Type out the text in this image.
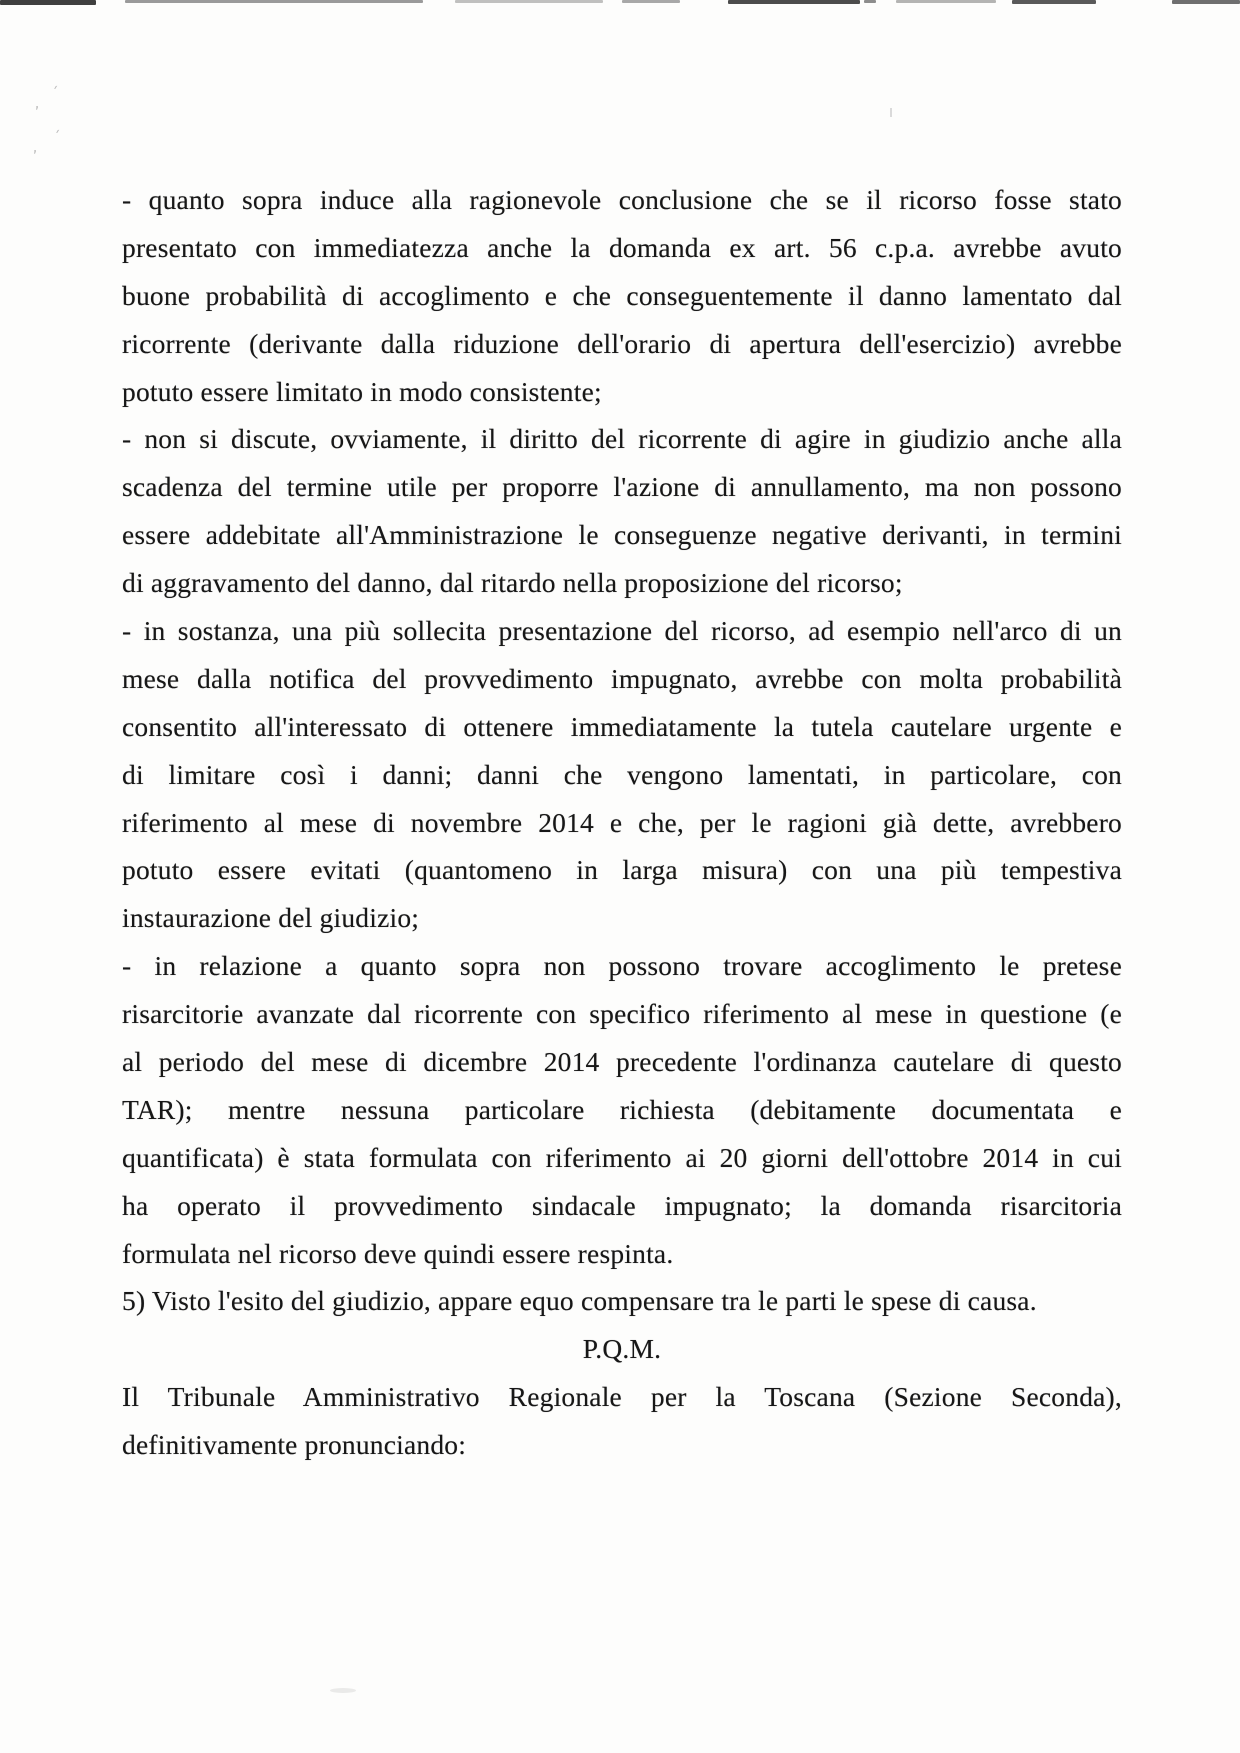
ˊ
,
ˊ
,
- quanto sopra induce alla ragionevole conclusione che se il ricorso fosse stato
presentato con immediatezza anche la domanda ex art. 56 c.p.a. avrebbe avuto
buone probabilità di accoglimento e che conseguentemente il danno lamentato dal
ricorrente (derivante dalla riduzione dell'orario di apertura dell'esercizio) avrebbe
potuto essere limitato in modo consistente;
- non si discute, ovviamente, il diritto del ricorrente di agire in giudizio anche alla
scadenza del termine utile per proporre l'azione di annullamento, ma non possono
essere addebitate all'Amministrazione le conseguenze negative derivanti, in termini
di aggravamento del danno, dal ritardo nella proposizione del ricorso;
- in sostanza, una più sollecita presentazione del ricorso, ad esempio nell'arco di un
mese dalla notifica del provvedimento impugnato, avrebbe con molta probabilità
consentito all'interessato di ottenere immediatamente la tutela cautelare urgente e
di limitare così i danni; danni che vengono lamentati, in particolare, con
riferimento al mese di novembre 2014 e che, per le ragioni già dette, avrebbero
potuto essere evitati (quantomeno in larga misura) con una più tempestiva
instaurazione del giudizio;
- in relazione a quanto sopra non possono trovare accoglimento le pretese
risarcitorie avanzate dal ricorrente con specifico riferimento al mese in questione (e
al periodo del mese di dicembre 2014 precedente l'ordinanza cautelare di questo
TAR); mentre nessuna particolare richiesta (debitamente documentata e
quantificata) è stata formulata con riferimento ai 20 giorni dell'ottobre 2014 in cui
ha operato il provvedimento sindacale impugnato; la domanda risarcitoria
formulata nel ricorso deve quindi essere respinta.
5) Visto l'esito del giudizio, appare equo compensare tra le parti le spese di causa.
P.Q.M.
Il Tribunale Amministrativo Regionale per la Toscana (Sezione Seconda),
definitivamente pronunciando:
